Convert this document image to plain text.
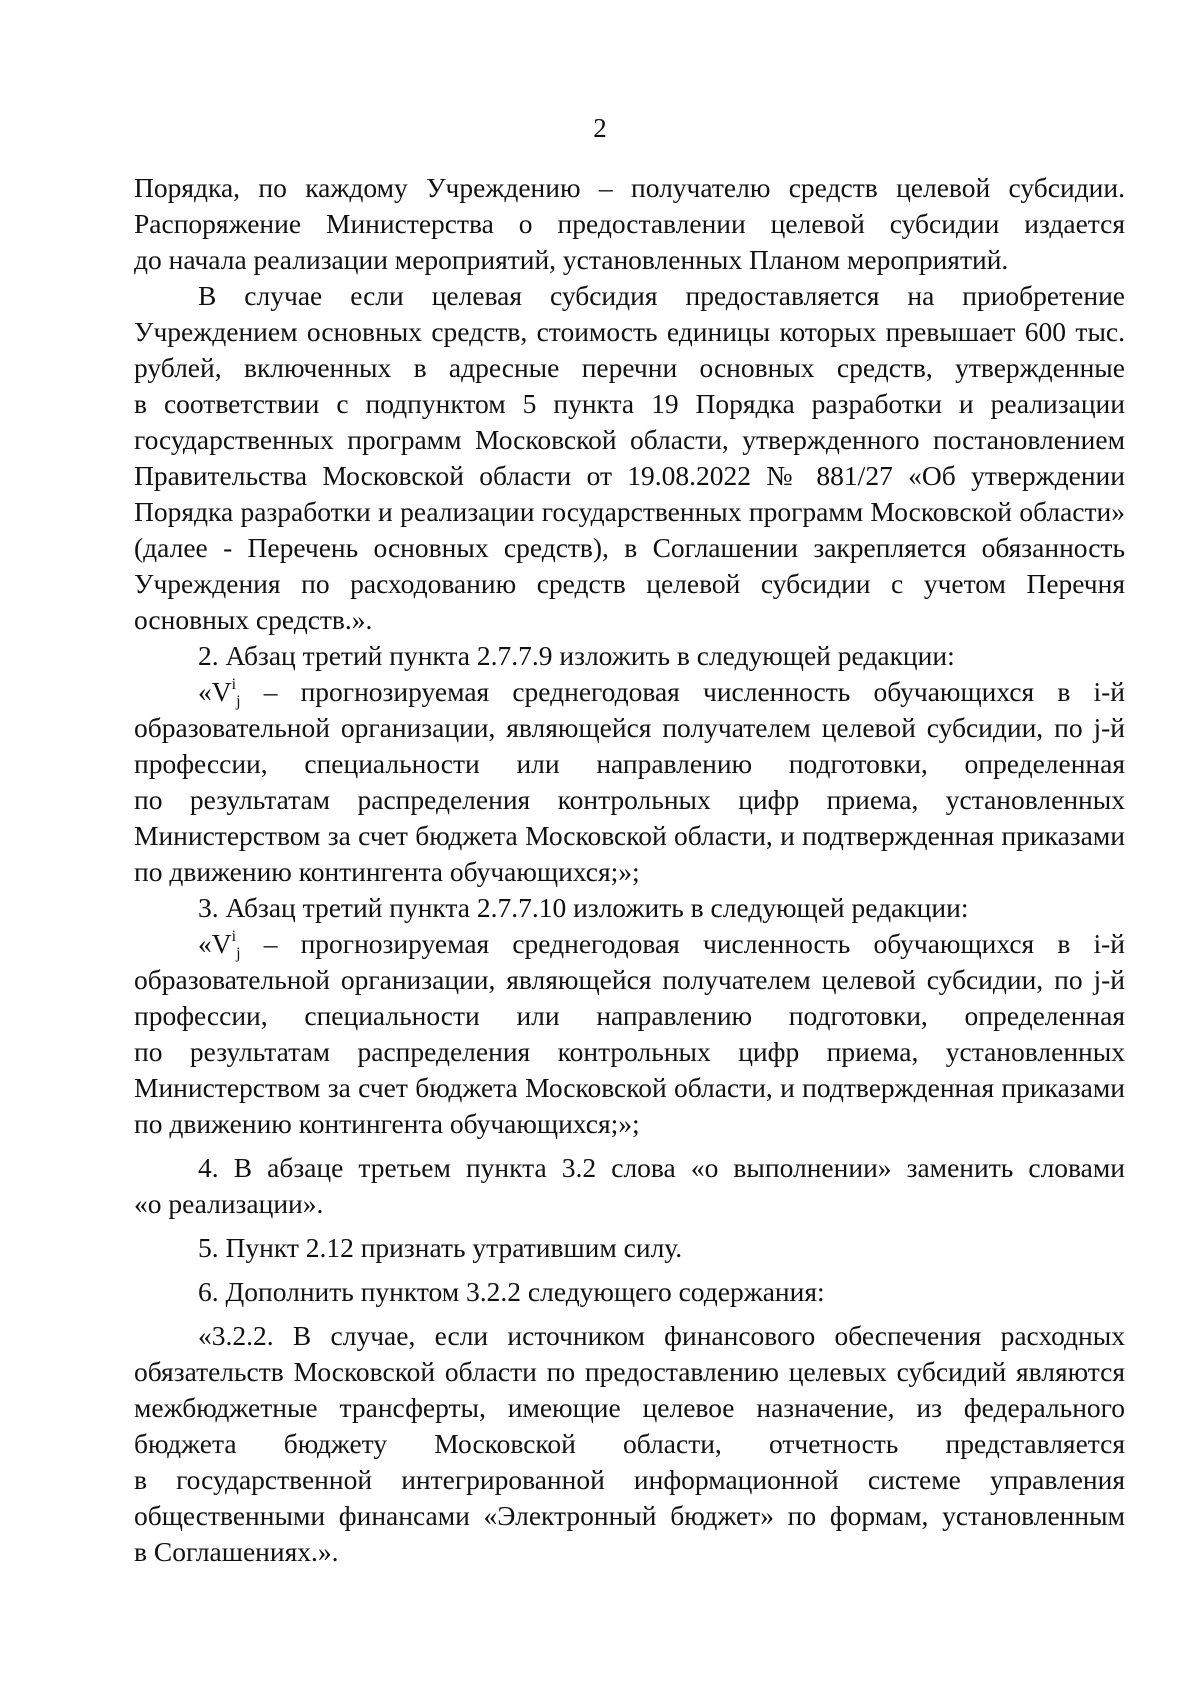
2
Порядка, по каждому Учреждению – получателю средств целевой субсидии.
Распоряжение Министерства о предоставлении целевой субсидии издается
до начала реализации мероприятий, установленных Планом мероприятий.
В случае если целевая субсидия предоставляется на приобретение
Учреждением основных средств, стоимость единицы которых превышает 600 тыс.
рублей, включенных в адресные перечни основных средств, утвержденные
в соответствии с подпунктом 5 пункта 19 Порядка разработки и реализации
государственных программ Московской области, утвержденного постановлением
Правительства Московской области от 19.08.2022 № 881/27 «Об утверждении
Порядка разработки и реализации государственных программ Московской области»
(далее - Перечень основных средств), в Соглашении закрепляется обязанность
Учреждения по расходованию средств целевой субсидии с учетом Перечня
основных средств.».
2. Абзац третий пункта 2.7.7.9 изложить в следующей редакции:
«$V^i_j$ – прогнозируемая среднегодовая численность обучающихся в i-й
образовательной организации, являющейся получателем целевой субсидии, по j-й
профессии, специальности или направлению подготовки, определенная
по результатам распределения контрольных цифр приема, установленных
Министерством за счет бюджета Московской области, и подтвержденная приказами
по движению контингента обучающихся;»;
3. Абзац третий пункта 2.7.7.10 изложить в следующей редакции:
«$V^i_j$ – прогнозируемая среднегодовая численность обучающихся в i-й
образовательной организации, являющейся получателем целевой субсидии, по j-й
профессии, специальности или направлению подготовки, определенная
по результатам распределения контрольных цифр приема, установленных
Министерством за счет бюджета Московской области, и подтвержденная приказами
по движению контингента обучающихся;»;
4. В абзаце третьем пункта 3.2 слова «о выполнении» заменить словами
«о реализации».
5. Пункт 2.12 признать утратившим силу.
6. Дополнить пунктом 3.2.2 следующего содержания:
«3.2.2. В случае, если источником финансового обеспечения расходных
обязательств Московской области по предоставлению целевых субсидий являются
межбюджетные трансферты, имеющие целевое назначение, из федерального
бюджета бюджету Московской области, отчетность представляется
в государственной интегрированной информационной системе управления
общественными финансами «Электронный бюджет» по формам, установленным
в Соглашениях.».
